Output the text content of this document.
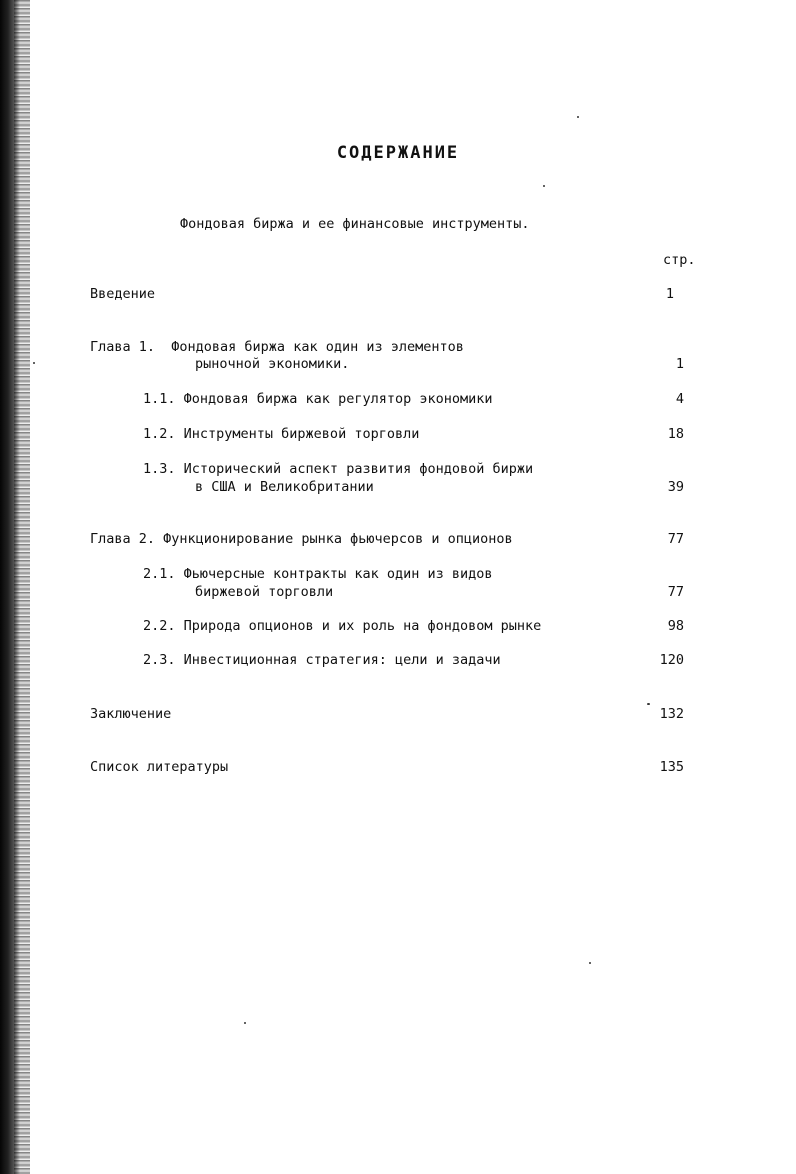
СОДЕРЖАНИЕ
Фондовая биржа и ее финансовые инструменты.
стр.
Введение	1
Глава 1.  Фондовая биржа как один из элементов
рыночной экономики.	1
1.1. Фондовая биржа как регулятор экономики	4
1.2. Инструменты биржевой торговли	18
1.3. Исторический аспект развития фондовой биржи
в США и Великобритании	39
Глава 2. Функционирование рынка фьючерсов и опционов	77
2.1. Фьючерсные контракты как один из видов
биржевой торговли	77
2.2. Природа опционов и их роль на фондовом рынке	98
2.3. Инвестиционная стратегия: цели и задачи	120
Заключение	132
Список литературы	135
